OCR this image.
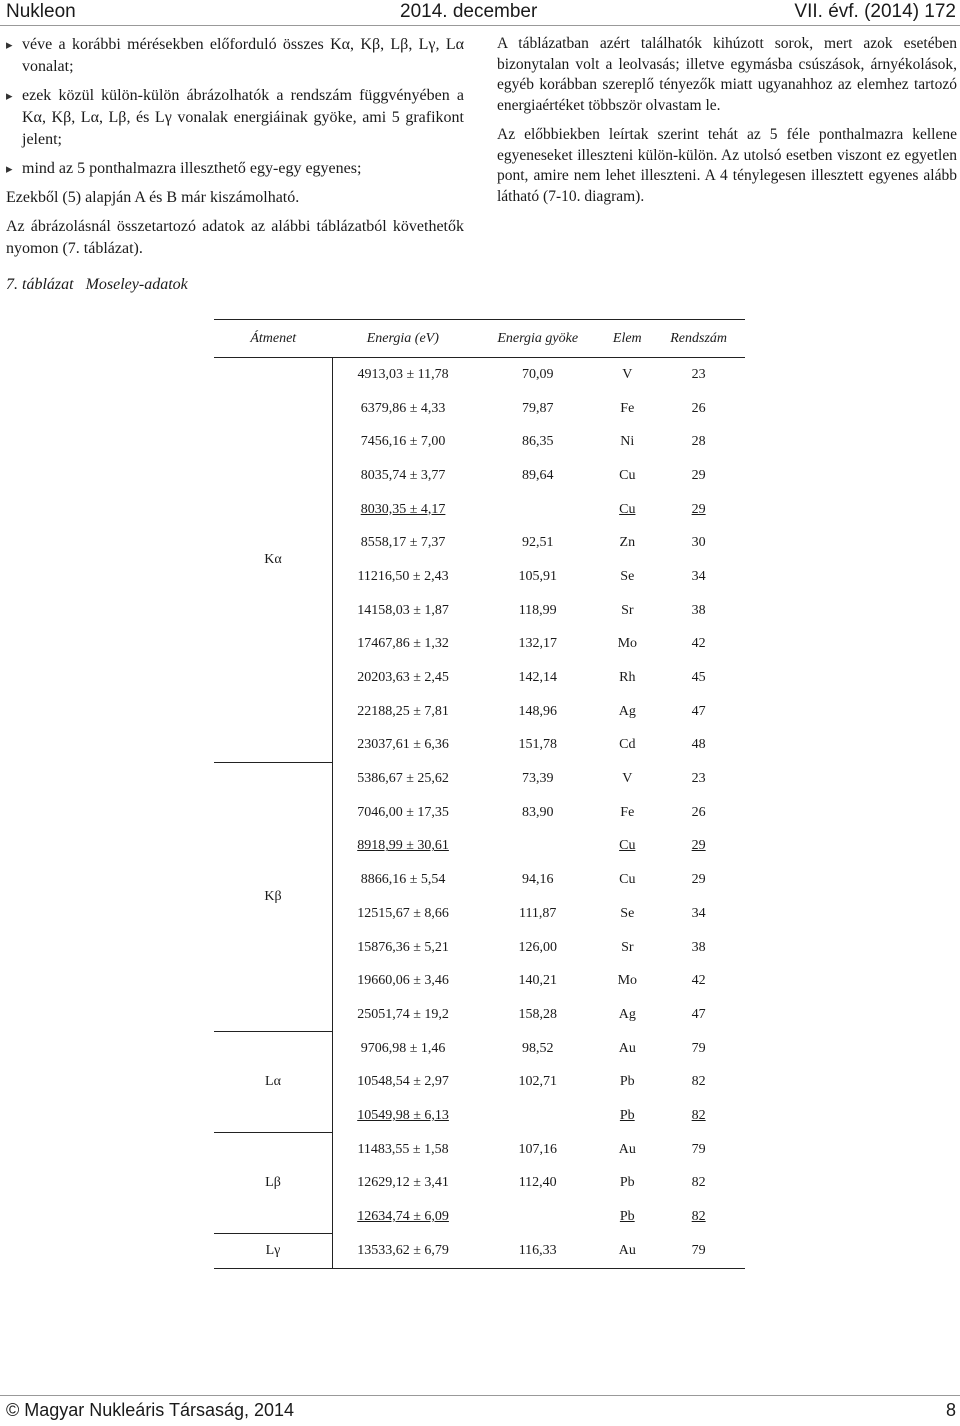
Nukleon	2014. december	VII. évf. (2014) 172
▸ véve a korábbi mérésekben előforduló összes Kα, Kβ, Lβ, Lγ, Lα vonalat;
▸ ezek közül külön-külön ábrázolhatók a rendszám függvényében a Kα, Kβ, Lα, Lβ, és Lγ vonalak energiáinak gyöke, ami 5 grafikont jelent;
▸ mind az 5 ponthalmazra illeszthető egy-egy egyenes;
Ezekből (5) alapján A és B már kiszámolható.
Az ábrázolásnál összetartozó adatok az alábbi táblázatból követhetők nyomon (7. táblázat).
A táblázatban azért találhatók kihúzott sorok, mert azok esetében bizonytalan volt a leolvasás; illetve egymásba csúszások, árnyékolások, egyéb korábban szereplő tényezők miatt ugyanahhoz az elemhez tartozó energiaértéket többször olvastam le.
Az előbbiekben leírtak szerint tehát az 5 féle ponthalmazra kellene egyeneseket illeszteni külön-külön. Az utolsó esetben viszont ez egyetlen pont, amire nem lehet illeszteni. A 4 ténylegesen illesztett egyenes alább látható (7-10. diagram).
7. táblázat Moseley-adatok
Átmenet	Energia (eV)	Energia gyöke	Elem	Rendszám
Kα	4913,03 ± 11,78	70,09	V	23
	6379,86 ± 4,33	79,87	Fe	26
	7456,16 ± 7,00	86,35	Ni	28
	8035,74 ± 3,77	89,64	Cu	29
	8030,35 ± 4,17		Cu	29
	8558,17 ± 7,37	92,51	Zn	30
	11216,50 ± 2,43	105,91	Se	34
	14158,03 ± 1,87	118,99	Sr	38
	17467,86 ± 1,32	132,17	Mo	42
	20203,63 ± 2,45	142,14	Rh	45
	22188,25 ± 7,81	148,96	Ag	47
	23037,61 ± 6,36	151,78	Cd	48
Kβ	5386,67 ± 25,62	73,39	V	23
	7046,00 ± 17,35	83,90	Fe	26
	8918,99 ± 30,61		Cu	29
	8866,16 ± 5,54	94,16	Cu	29
	12515,67 ± 8,66	111,87	Se	34
	15876,36 ± 5,21	126,00	Sr	38
	19660,06 ± 3,46	140,21	Mo	42
	25051,74 ± 19,2	158,28	Ag	47
Lα	9706,98 ± 1,46	98,52	Au	79
	10548,54 ± 2,97	102,71	Pb	82
	10549,98 ± 6,13		Pb	82
Lβ	11483,55 ± 1,58	107,16	Au	79
	12629,12 ± 3,41	112,40	Pb	82
	12634,74 ± 6,09		Pb	82
Lγ	13533,62 ± 6,79	116,33	Au	79
© Magyar Nukleáris Társaság, 2014	8
